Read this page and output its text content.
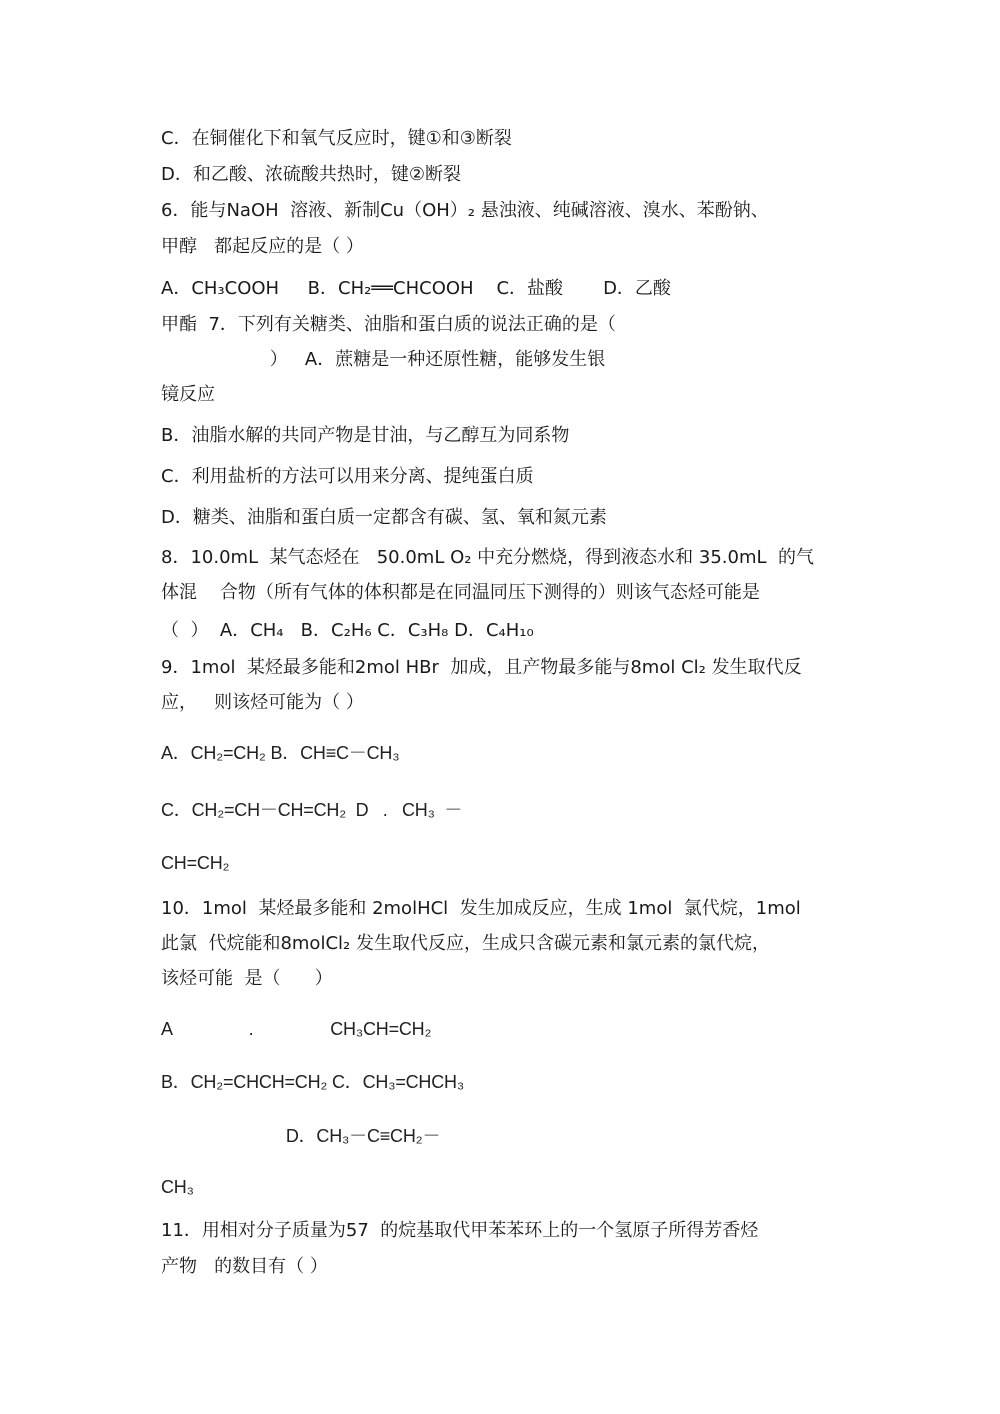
C．在铜催化下和氧气反应时，键①和③断裂
D．和乙酸、浓硫酸共热时，键②断裂
6．能与NaOH  溶液、新制Cu（OH）₂ 悬浊液、纯碱溶液、溴水、苯酚钠、
甲醇   都起反应的是（ ）
A．CH₃COOH     B．CH₂══CHCOOH    C．盐酸       D．乙酸
甲酯  7．下列有关糖类、油脂和蛋白质的说法正确的是（
）   A．蔗糖是一种还原性糖，能够发生银
镜反应
B．油脂水解的共同产物是甘油，与乙醇互为同系物
C．利用盐析的方法可以用来分离、提纯蛋白质
D．糖类、油脂和蛋白质一定都含有碳、氢、氧和氮元素
8．10.0mL  某气态烃在   50.0mL O₂ 中充分燃烧，得到液态水和 35.0mL  的气
体混    合物（所有气体的体积都是在同温同压下测得的）则该气态烃可能是
（  ）  A．CH₄   B．C₂H₆ C．C₃H₈ D．C₄H₁₀
9．1mol  某烃最多能和2mol HBr  加成，且产物最多能与8mol Cl₂ 发生取代反
应，   则该烃可能为（ ）
A．CH₂=CH₂ B．CH≡C－CH₃
C．CH₂=CH－CH=CH₂  D   .   CH₃  －
CH=CH₂
10．1mol  某烃最多能和 2molHCl  发生加成反应，生成 1mol  氯代烷，1mol
此氯  代烷能和8molCl₂ 发生取代反应，生成只含碳元素和氯元素的氯代烷，
该烃可能  是（      ）
A                .                CH₃CH=CH₂
B．CH₂=CHCH=CH₂ C．CH₃=CHCH₃
D．CH₃－C≡CH₂－
CH₃
11．用相对分子质量为57  的烷基取代甲苯苯环上的一个氢原子所得芳香烃
产物   的数目有（ ）
